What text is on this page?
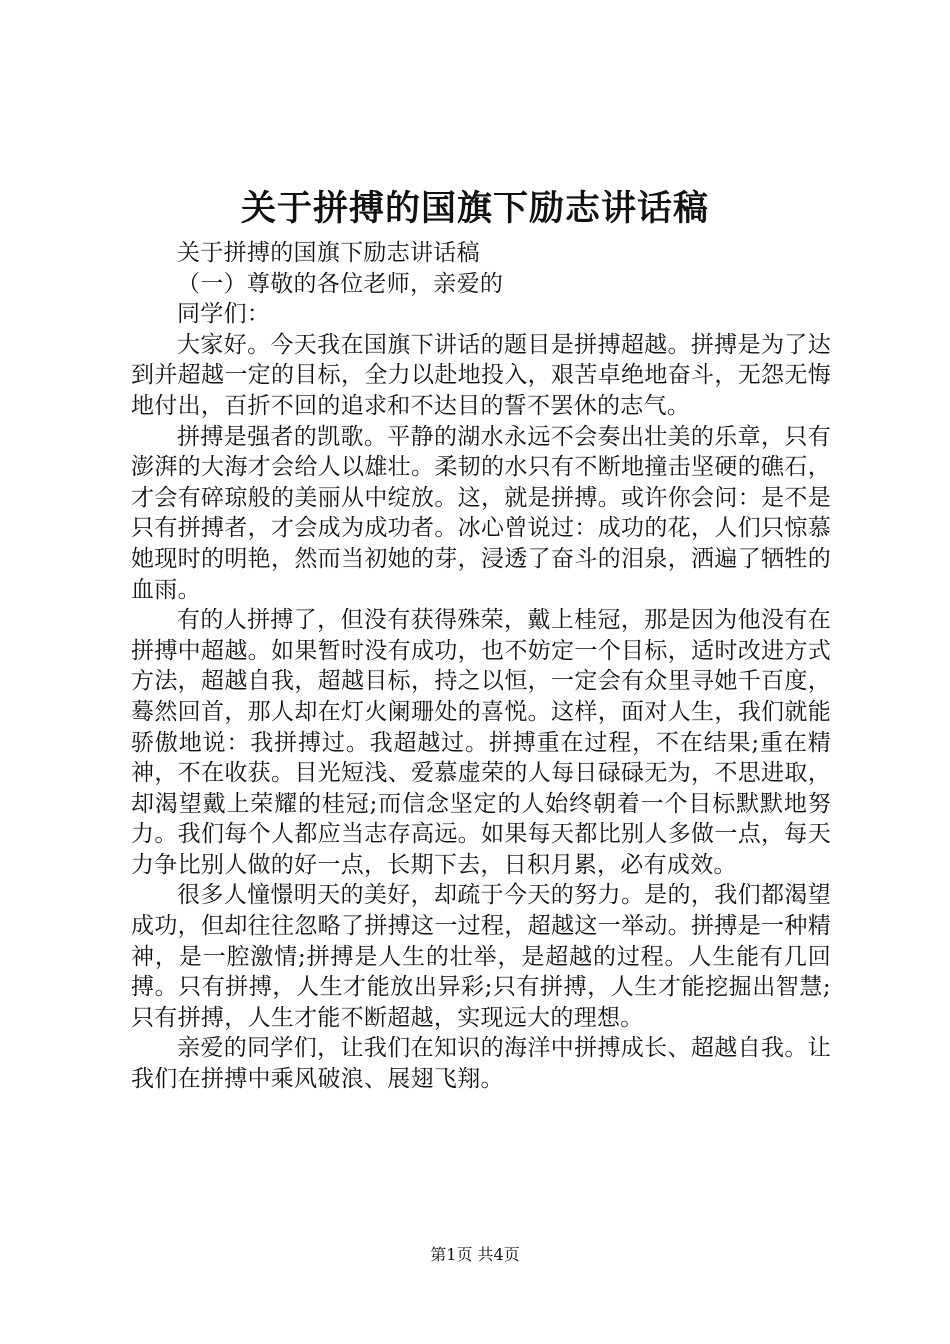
关于拼搏的国旗下励志讲话稿

关于拼搏的国旗下励志讲话稿

（一）尊敬的各位老师，亲爱的

同学们：

大家好。今天我在国旗下讲话的题目是拼搏超越。拼搏是为了达到并超越一定的目标，全力以赴地投入，艰苦卓绝地奋斗，无怨无悔地付出，百折不回的追求和不达目的誓不罢休的志气。

拼搏是强者的凯歌。平静的湖水永远不会奏出壮美的乐章，只有澎湃的大海才会给人以雄壮。柔韧的水只有不断地撞击坚硬的礁石，才会有碎琼般的美丽从中绽放。这，就是拼搏。或许你会问：是不是只有拼搏者，才会成为成功者。冰心曾说过：成功的花，人们只惊慕她现时的明艳，然而当初她的芽，浸透了奋斗的泪泉，洒遍了牺牲的血雨。

有的人拼搏了，但没有获得殊荣，戴上桂冠，那是因为他没有在拼搏中超越。如果暂时没有成功，也不妨定一个目标，适时改进方式方法，超越自我，超越目标，持之以恒，一定会有众里寻她千百度，蓦然回首，那人却在灯火阑珊处的喜悦。这样，面对人生，我们就能骄傲地说：我拼搏过。我超越过。拼搏重在过程，不在结果;重在精神，不在收获。目光短浅、爱慕虚荣的人每日碌碌无为，不思进取，却渴望戴上荣耀的桂冠;而信念坚定的人始终朝着一个目标默默地努力。我们每个人都应当志存高远。如果每天都比别人多做一点，每天力争比别人做的好一点，长期下去，日积月累，必有成效。

很多人憧憬明天的美好，却疏于今天的努力。是的，我们都渴望成功，但却往往忽略了拼搏这一过程，超越这一举动。拼搏是一种精神，是一腔激情;拼搏是人生的壮举，是超越的过程。人生能有几回搏。只有拼搏，人生才能放出异彩;只有拼搏，人生才能挖掘出智慧;只有拼搏，人生才能不断超越，实现远大的理想。

亲爱的同学们，让我们在知识的海洋中拼搏成长、超越自我。让我们在拼搏中乘风破浪、展翅飞翔。

第1页 共4页
